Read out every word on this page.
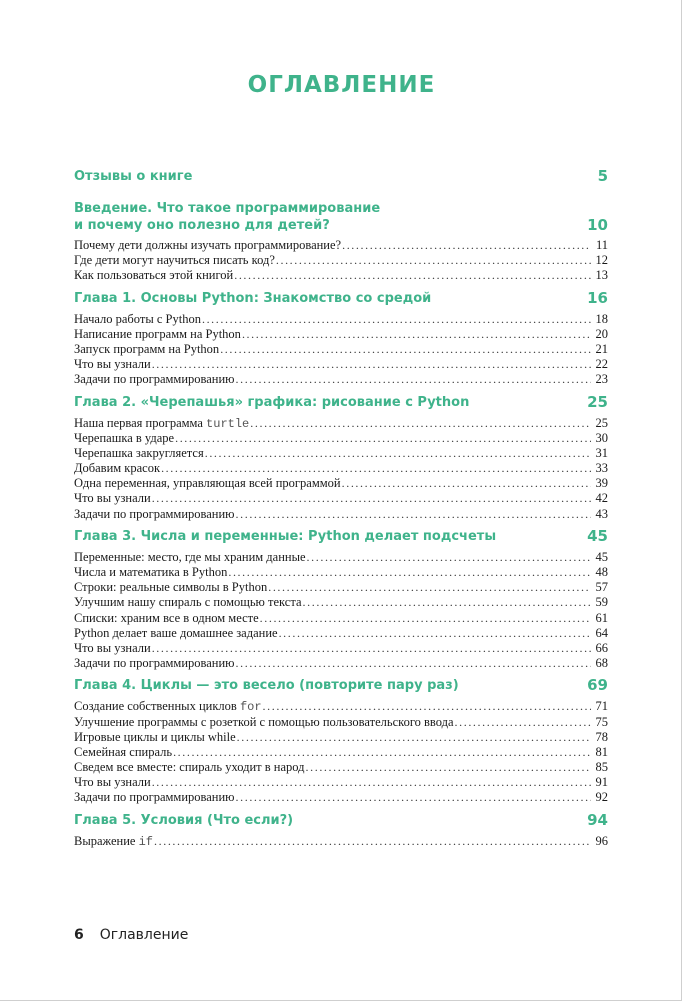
ОГЛАВЛЕНИЕ
Отзывы о книге	5
Введение. Что такое программирование
и почему оно полезно для детей?	10
Почему дети должны изучать программирование? .....	11
Где дети могут научиться писать код? .....	12
Как пользоваться этой книгой .....	13
Глава 1. Основы Python: Знакомство со средой	16
Начало работы с Python .....	18
Написание программ на Python .....	20
Запуск программ на Python .....	21
Что вы узнали .....	22
Задачи по программированию .....	23
Глава 2. «Черепашья» графика: рисование с Python	25
Наша первая программа turtle .....	25
Черепашка в ударе .....	30
Черепашка закругляется .....	31
Добавим красок .....	33
Одна переменная, управляющая всей программой .....	39
Что вы узнали .....	42
Задачи по программированию .....	43
Глава 3. Числа и переменные: Python делает подсчеты	45
Переменные: место, где мы храним данные .....	45
Числа и математика в Python .....	48
Строки: реальные символы в Python .....	57
Улучшим нашу спираль с помощью текста .....	59
Списки: храним все в одном месте .....	61
Python делает ваше домашнее задание .....	64
Что вы узнали .....	66
Задачи по программированию .....	68
Глава 4. Циклы — это весело (повторите пару раз)	69
Создание собственных циклов for .....	71
Улучшение программы с розеткой с помощью пользовательского ввода .....	75
Игровые циклы и циклы while .....	78
Семейная спираль .....	81
Сведем все вместе: спираль уходит в народ .....	85
Что вы узнали .....	91
Задачи по программированию .....	92
Глава 5. Условия (Что если?)	94
Выражение if .....	96
6 Оглавление
